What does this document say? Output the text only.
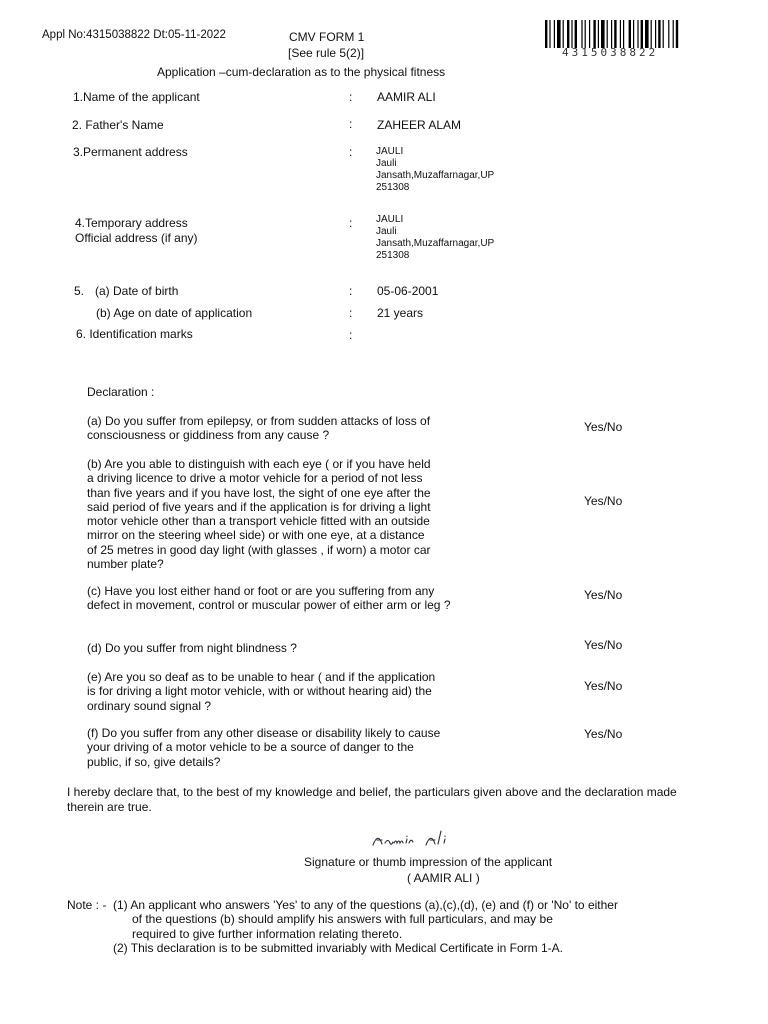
Appl No:4315038822 Dt:05-11-2022	CMV FORM 1
[See rule 5(2)]
Application –cum-declaration as to the physical fitness
4315038822
1.Name of the applicant	: AAMIR ALI
2. Father's Name	: ZAHEER ALAM
3.Permanent address	: JAULI
Jauli
Jansath,Muzaffarnagar,UP
251308
4.Temporary address
Official address (if any)
: JAULI
Jauli
Jansath,Muzaffarnagar,UP
251308
5. (a) Date of birth	: 05-06-2001
(b) Age on date of application	: 21 years
6. Identification marks	:
Declaration :
(a) Do you suffer from epilepsy, or from sudden attacks of loss of consciousness or giddiness from any cause ?
Yes/No
(b) Are you able to distinguish with each eye ( or if you have held a driving licence to drive a motor vehicle for a period of not less than five years and if you have lost, the sight of one eye after the said period of five years and if the application is for driving a light motor vehicle other than a transport vehicle fitted with an outside mirror on the steering wheel side) or with one eye, at a distance of 25 metres in good day light (with glasses , if worn) a motor car number plate?
Yes/No
(c) Have you lost either hand or foot or are you suffering from any defect in movement, control or muscular power of either arm or leg ?
Yes/No
(d) Do you suffer from night blindness ?	Yes/No
(e) Are you so deaf as to be unable to hear ( and if the application is for driving a light motor vehicle, with or without hearing aid) the ordinary sound signal ?
Yes/No
(f) Do you suffer from any other disease or disability likely to cause your driving of a motor vehicle to be a source of danger to the public, if so, give details?
Yes/No
I hereby declare that, to the best of my knowledge and belief, the particulars given above and the declaration made therein are true.
Signature or thumb impression of the applicant
( AAMIR ALI )
Note : - (1) An applicant who answers 'Yes' to any of the questions (a),(c),(d), (e) and (f) or 'No' to either
of the questions (b) should amplify his answers with full particulars, and may be
required to give further information relating thereto.
(2) This declaration is to be submitted invariably with Medical Certificate in Form 1-A.
